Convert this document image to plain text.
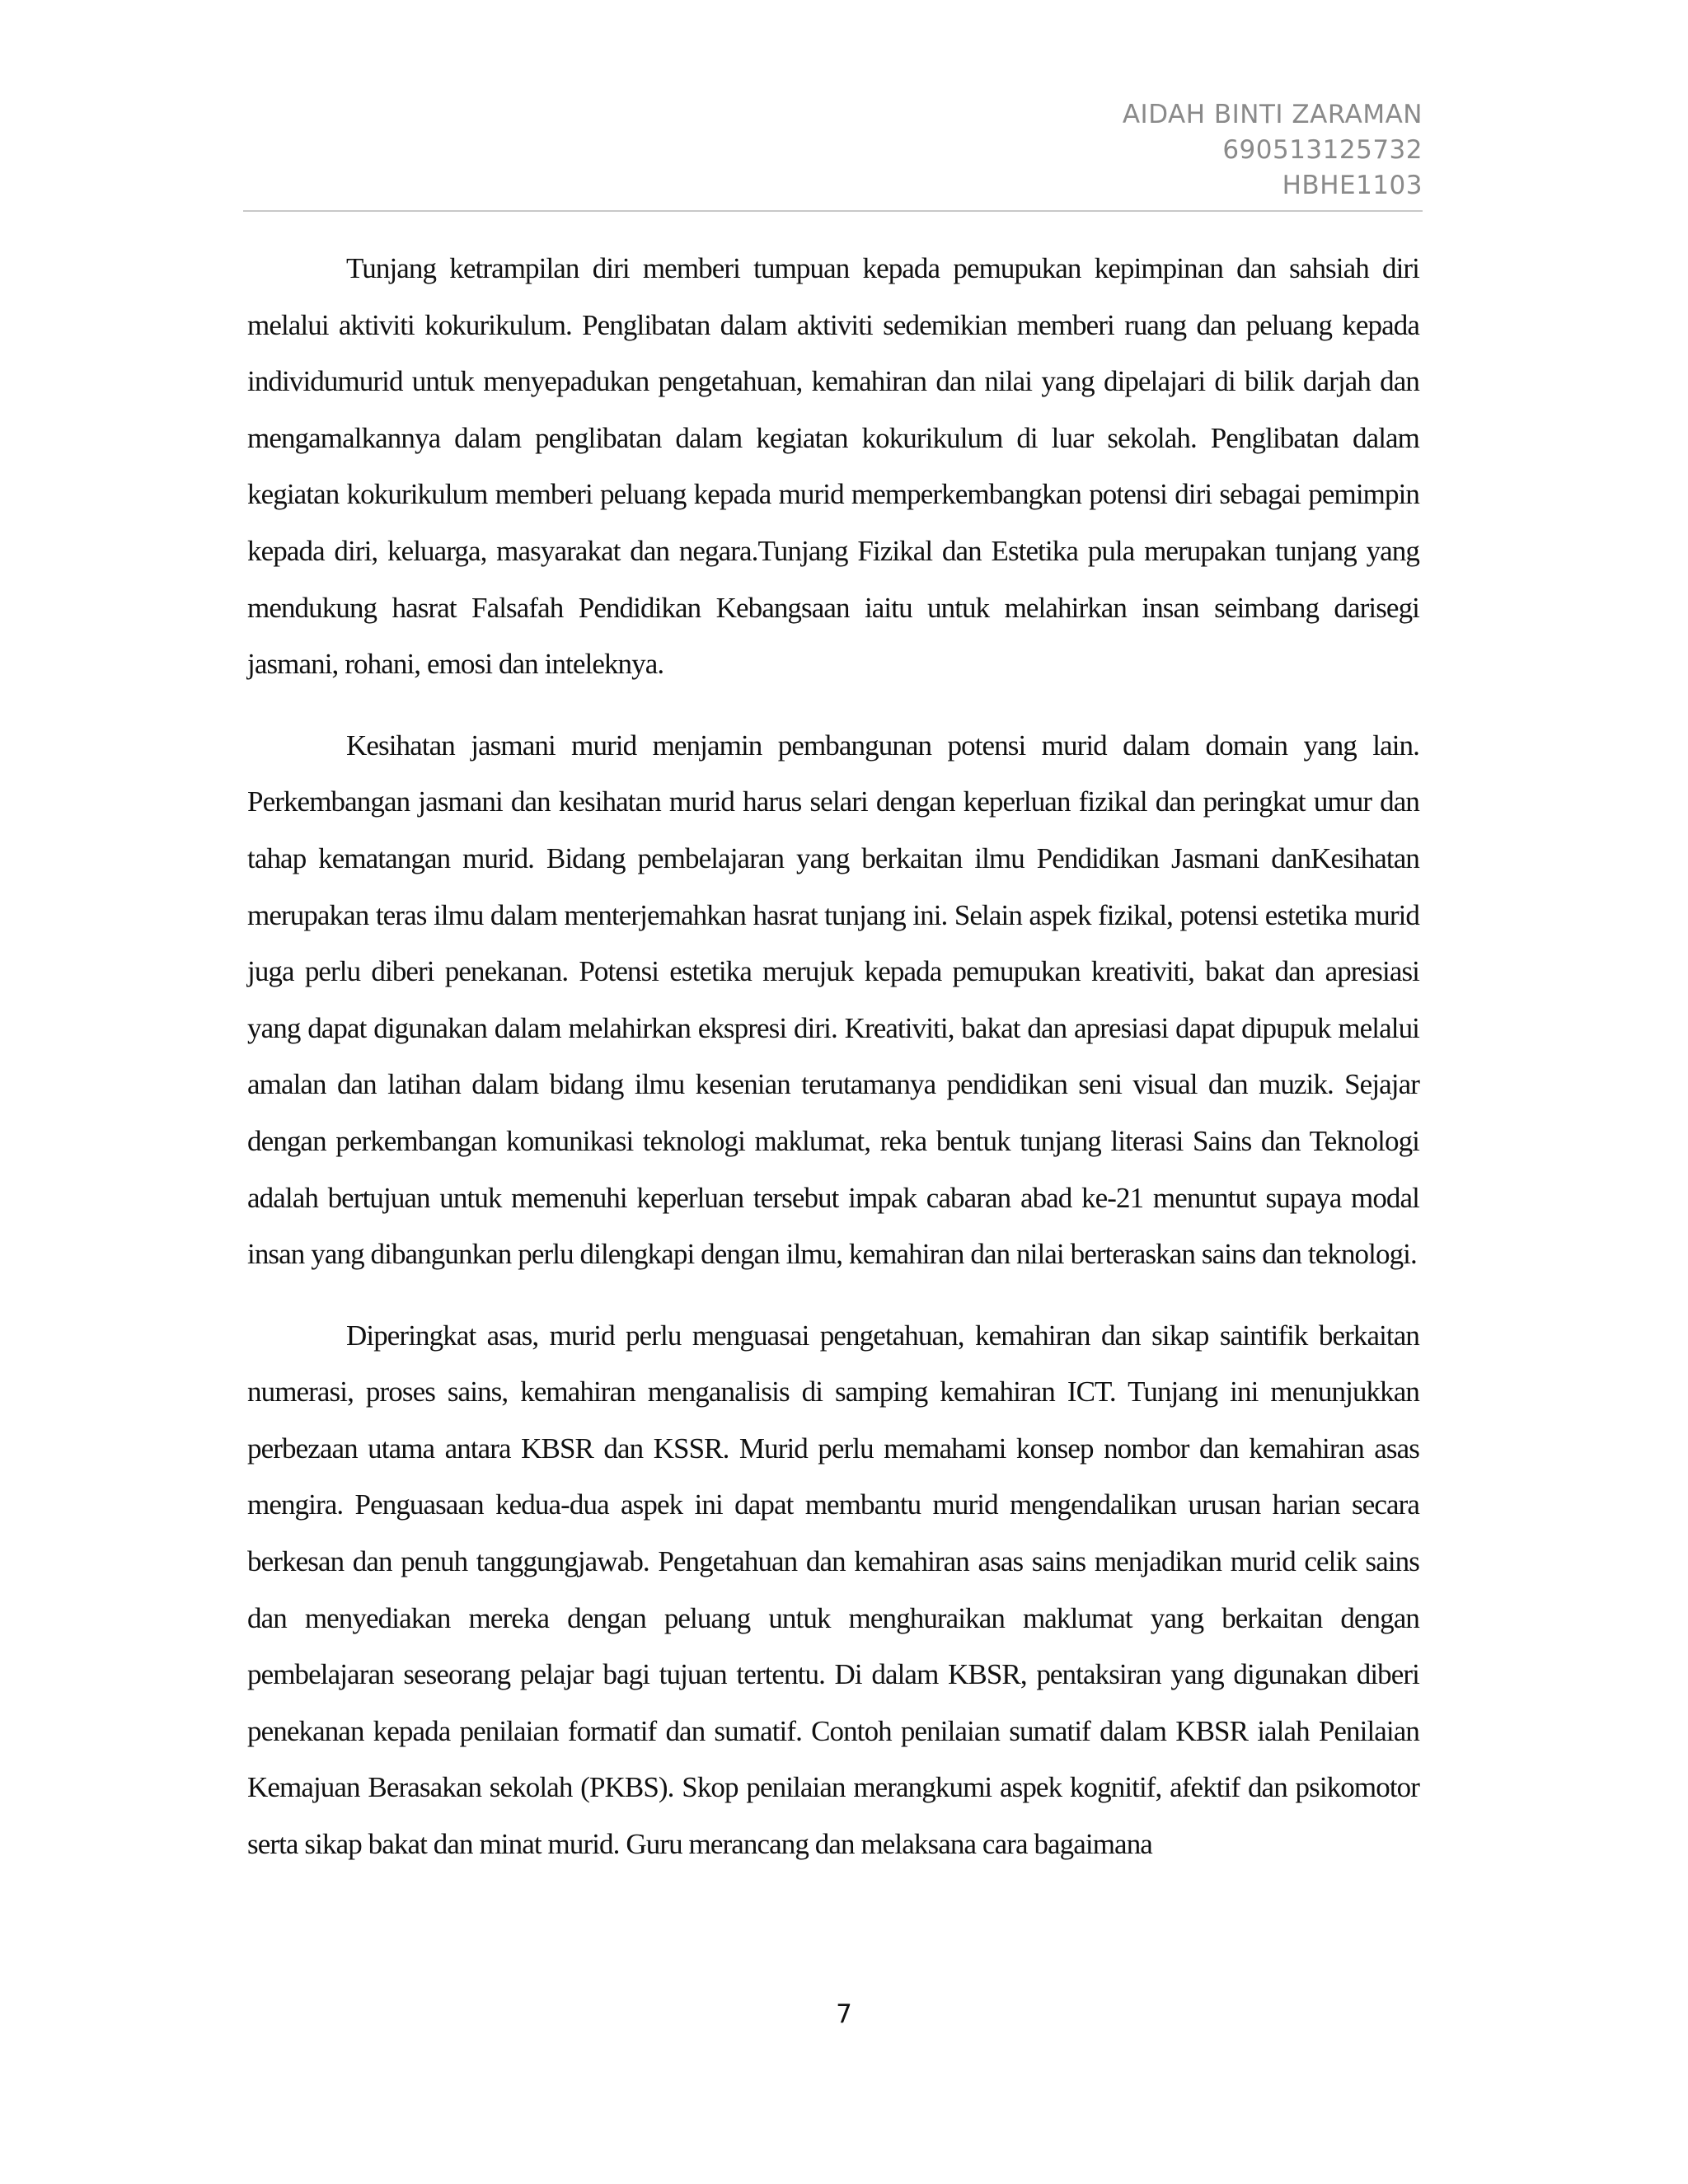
AIDAH BINTI ZARAMAN
690513125732
HBHE1103

Tunjang ketrampilan diri memberi tumpuan kepada pemupukan kepimpinan dan sahsiah diri melalui aktiviti kokurikulum. Penglibatan dalam aktiviti sedemikian memberi ruang dan peluang kepada individumurid untuk menyepadukan pengetahuan, kemahiran dan nilai yang dipelajari di bilik darjah dan mengamalkannya dalam penglibatan dalam kegiatan kokurikulum di luar sekolah. Penglibatan dalam kegiatan kokurikulum memberi peluang kepada murid memperkembangkan potensi diri sebagai pemimpin kepada diri, keluarga, masyarakat dan negara.Tunjang Fizikal dan Estetika pula merupakan tunjang yang mendukung hasrat Falsafah Pendidikan Kebangsaan iaitu untuk melahirkan insan seimbang darisegi jasmani, rohani, emosi dan inteleknya.

Kesihatan jasmani murid menjamin pembangunan potensi murid dalam domain yang lain. Perkembangan jasmani dan kesihatan murid harus selari dengan keperluan fizikal dan peringkat umur dan tahap kematangan murid. Bidang pembelajaran yang berkaitan ilmu Pendidikan Jasmani danKesihatan merupakan teras ilmu dalam menterjemahkan hasrat tunjang ini. Selain aspek fizikal, potensi estetika murid juga perlu diberi penekanan. Potensi estetika merujuk kepada pemupukan kreativiti, bakat dan apresiasi yang dapat digunakan dalam melahirkan ekspresi diri. Kreativiti, bakat dan apresiasi dapat dipupuk melalui amalan dan latihan dalam bidang ilmu kesenian terutamanya pendidikan seni visual dan muzik. Sejajar dengan perkembangan komunikasi teknologi maklumat, reka bentuk tunjang literasi Sains dan Teknologi adalah bertujuan untuk memenuhi keperluan tersebut impak cabaran abad ke-21 menuntut supaya modal insan yang dibangunkan perlu dilengkapi dengan ilmu, kemahiran dan nilai berteraskan sains dan teknologi.

Diperingkat asas, murid perlu menguasai pengetahuan, kemahiran dan sikap saintifik berkaitan numerasi, proses sains, kemahiran menganalisis di samping kemahiran ICT. Tunjang ini menunjukkan perbezaan utama antara KBSR dan KSSR. Murid perlu memahami konsep nombor dan kemahiran asas mengira. Penguasaan kedua-dua aspek ini dapat membantu murid mengendalikan urusan harian secara berkesan dan penuh tanggungjawab. Pengetahuan dan kemahiran asas sains menjadikan murid celik sains dan menyediakan mereka dengan peluang untuk menghuraikan maklumat yang berkaitan dengan pembelajaran seseorang pelajar bagi tujuan tertentu. Di dalam KBSR, pentaksiran yang digunakan diberi penekanan kepada penilaian formatif dan sumatif. Contoh penilaian sumatif dalam KBSR ialah Penilaian Kemajuan Berasakan sekolah (PKBS). Skop penilaian merangkumi aspek kognitif, afektif dan psikomotor serta sikap bakat dan minat murid. Guru merancang dan melaksana cara bagaimana

7
